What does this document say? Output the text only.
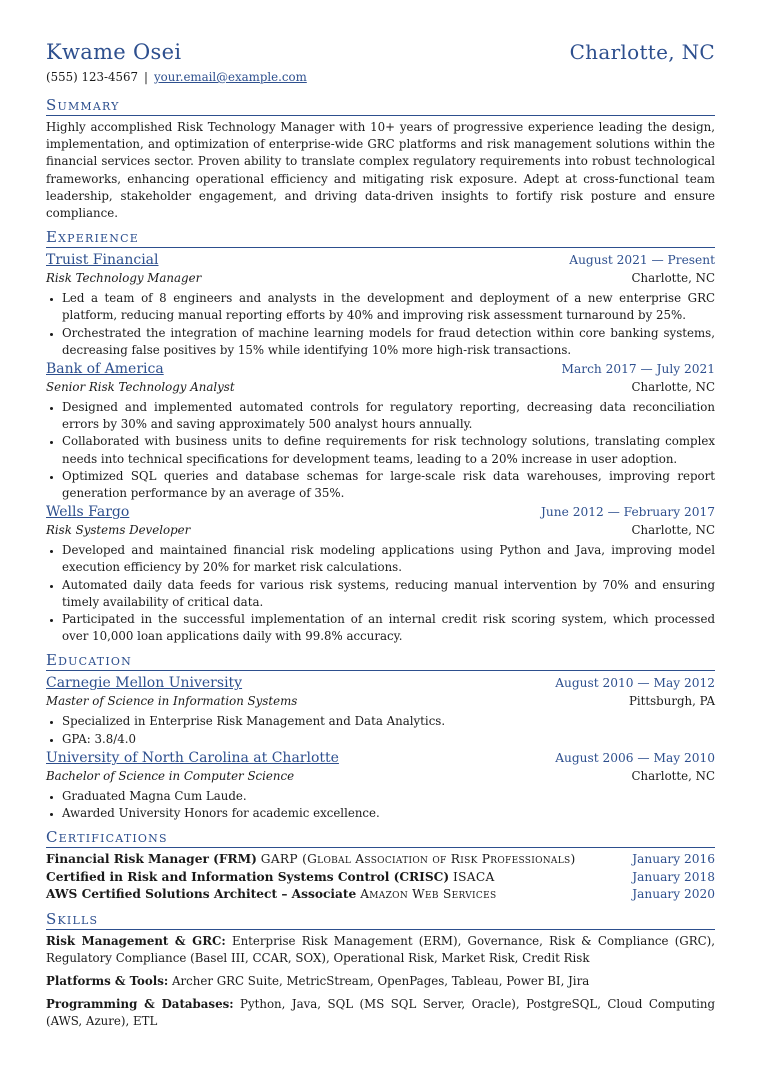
Kwame Osei	Charlotte, NC
(555) 123-4567 | your.email@example.com
Summary
Highly accomplished Risk Technology Manager with 10+ years of progressive experience leading the design, implementation, and optimization of enterprise-wide GRC platforms and risk management solutions within the financial services sector. Proven ability to translate complex regulatory requirements into robust technological frameworks, enhancing operational efficiency and mitigating risk exposure. Adept at cross-functional team leadership, stakeholder engagement, and driving data-driven insights to fortify risk posture and ensure compliance.
Experience
Truist Financial	August 2021 — Present
Risk Technology Manager	Charlotte, NC
• Led a team of 8 engineers and analysts in the development and deployment of a new enterprise GRC platform, reducing manual reporting efforts by 40% and improving risk assessment turnaround by 25%.
• Orchestrated the integration of machine learning models for fraud detection within core banking systems, decreasing false positives by 15% while identifying 10% more high-risk transactions.
Bank of America	March 2017 — July 2021
Senior Risk Technology Analyst	Charlotte, NC
• Designed and implemented automated controls for regulatory reporting, decreasing data reconciliation errors by 30% and saving approximately 500 analyst hours annually.
• Collaborated with business units to define requirements for risk technology solutions, translating complex needs into technical specifications for development teams, leading to a 20% increase in user adoption.
• Optimized SQL queries and database schemas for large-scale risk data warehouses, improving report generation performance by an average of 35%.
Wells Fargo	June 2012 — February 2017
Risk Systems Developer	Charlotte, NC
• Developed and maintained financial risk modeling applications using Python and Java, improving model execution efficiency by 20% for market risk calculations.
• Automated daily data feeds for various risk systems, reducing manual intervention by 70% and ensuring timely availability of critical data.
• Participated in the successful implementation of an internal credit risk scoring system, which processed over 10,000 loan applications daily with 99.8% accuracy.
Education
Carnegie Mellon University	August 2010 — May 2012
Master of Science in Information Systems	Pittsburgh, PA
• Specialized in Enterprise Risk Management and Data Analytics.
• GPA: 3.8/4.0
University of North Carolina at Charlotte	August 2006 — May 2010
Bachelor of Science in Computer Science	Charlotte, NC
• Graduated Magna Cum Laude.
• Awarded University Honors for academic excellence.
Certifications
Financial Risk Manager (FRM) GARP (Global Association of Risk Professionals)	January 2016
Certified in Risk and Information Systems Control (CRISC) ISACA	January 2018
AWS Certified Solutions Architect – Associate Amazon Web Services	January 2020
Skills
Risk Management & GRC: Enterprise Risk Management (ERM), Governance, Risk & Compliance (GRC), Regulatory Compliance (Basel III, CCAR, SOX), Operational Risk, Market Risk, Credit Risk
Platforms & Tools: Archer GRC Suite, MetricStream, OpenPages, Tableau, Power BI, Jira
Programming & Databases: Python, Java, SQL (MS SQL Server, Oracle), PostgreSQL, Cloud Computing (AWS, Azure), ETL
